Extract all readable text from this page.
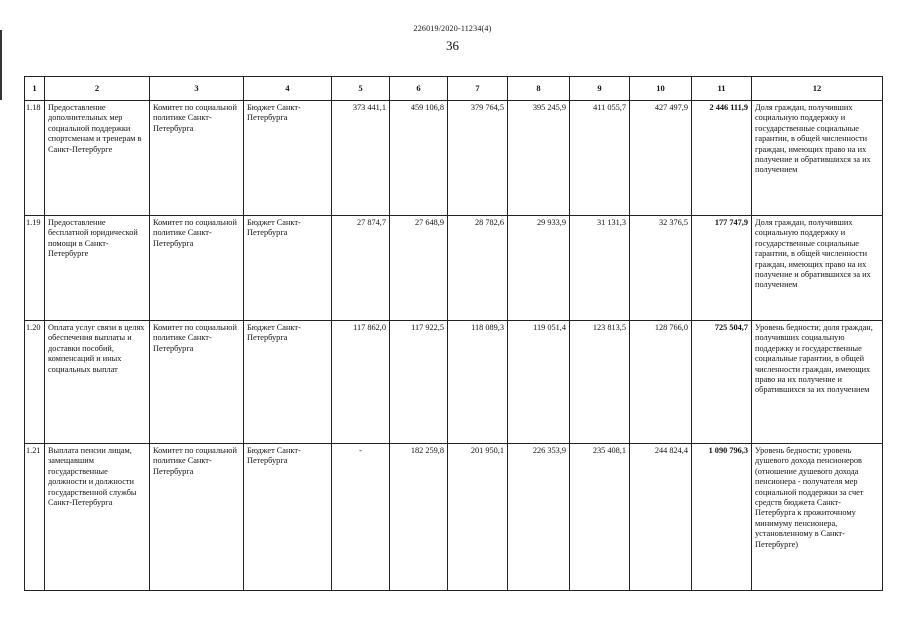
226019/2020-11234(4)
36
1	2	3	4	5	6	7	8	9	10	11	12
1.18	Предоставление дополнительных мер социальной поддержки спортсменам и тренерам в Санкт-Петербурге	Комитет по социальной политике Санкт-Петербурга	Бюджет Санкт-Петербурга	373 441,1	459 106,8	379 764,5	395 245,9	411 055,7	427 497,9	2 446 111,9	Доля граждан, получивших социальную поддержку и государственные социальные гарантии, в общей численности граждан, имеющих право на их получение и обратившихся за их получением
1.19	Предоставление бесплатной юридической помощи в Санкт-Петербурге	Комитет по социальной политике Санкт-Петербурга	Бюджет Санкт-Петербурга	27 874,7	27 648,9	28 782,6	29 933,9	31 131,3	32 376,5	177 747,9	Доля граждан, получивших социальную поддержку и государственные социальные гарантии, в общей численности граждан, имеющих право на их получение и обратившихся за их получением
1.20	Оплата услуг связи в целях обеспечения выплаты и доставки пособий, компенсаций и иных социальных выплат	Комитет по социальной политике Санкт-Петербурга	Бюджет Санкт-Петербурга	117 862,0	117 922,5	118 089,3	119 051,4	123 813,5	128 766,0	725 504,7	Уровень бедности; доля граждан, получивших социальную поддержку и государственные социальные гарантии, в общей численности граждан, имеющих право на их получение и обратившихся за их получением
1.21	Выплата пенсии лицам, замещавшим государственные должности и должности государственной службы Санкт-Петербурга	Комитет по социальной политике Санкт-Петербурга	Бюджет Санкт-Петербурга	-	182 259,8	201 950,1	226 353,9	235 408,1	244 824,4	1 090 796,3	Уровень бедности; уровень душевого дохода пенсионеров (отношение душевого дохода пенсионера - получателя мер социальной поддержки за счет средств бюджета Санкт-Петербурга к прожиточному минимуму пенсионера, установленному в Санкт-Петербурге)
